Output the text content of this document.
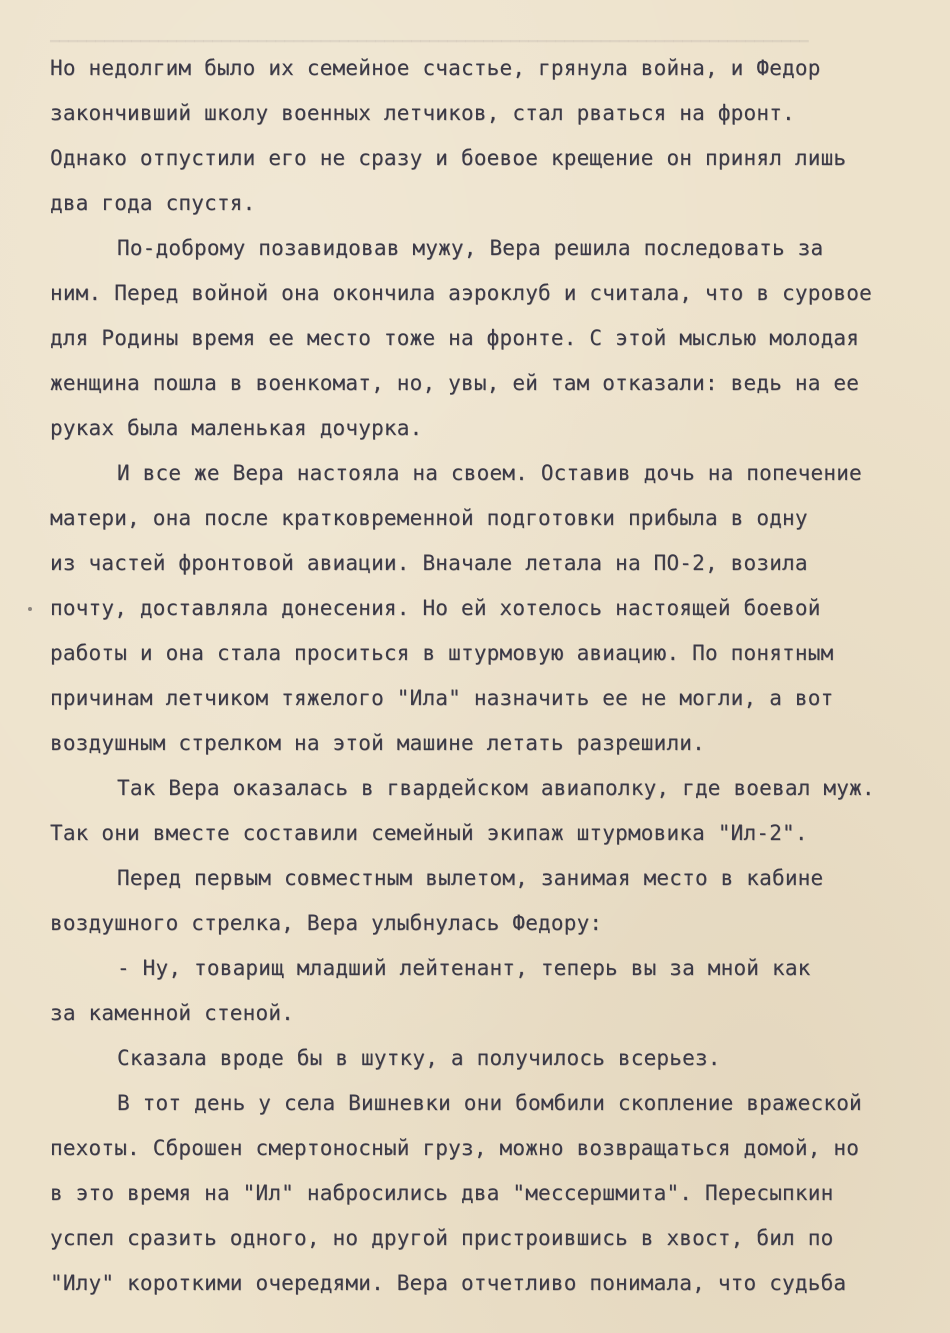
▔▔▔▔▔▔▔▔▔▔▔▔▔▔▔▔▔▔▔▔▔▔▔▔▔▔▔▔▔▔▔▔▔▔▔▔▔▔▔▔▔▔▔▔▔▔▔▔▔▔▔▔▔▔▔▔▔▔▔▔▔▔▔▔▔▔▔▔▔▔▔▔▔▔▔▔▔▔▔▔▔▔▔▔
Но недолгим было их семейное счастье, грянула война, и Федор
закончивший школу военных летчиков, стал рваться на фронт.
Однако отпустили его не сразу и боевое крещение он принял лишь
два года спустя.
По-доброму позавидовав мужу, Вера решила последовать за
ним. Перед войной она окончила аэроклуб и считала, что в суровое
для Родины время ее место тоже на фронте. С этой мыслью молодая
женщина пошла в военкомат, но, увы, ей там отказали: ведь на ее
руках была маленькая дочурка.
И все же Вера настояла на своем. Оставив дочь на попечение
матери, она после кратковременной подготовки прибыла в одну
из частей фронтовой авиации. Вначале летала на ПО-2, возила
почту, доставляла донесения. Но ей хотелось настоящей боевой
работы и она стала проситься в штурмовую авиацию. По понятным
причинам летчиком тяжелого "Ила" назначить ее не могли, а вот
воздушным стрелком на этой машине летать разрешили.
Так Вера оказалась в гвардейском авиаполку, где воевал муж.
Так они вместе составили семейный экипаж штурмовика "Ил-2".
Перед первым совместным вылетом, занимая место в кабине
воздушного стрелка, Вера улыбнулась Федору:
- Ну, товарищ младший лейтенант, теперь вы за мной как
за каменной стеной.
Сказала вроде бы в шутку, а получилось всерьез.
В тот день у села Вишневки они бомбили скопление вражеской
пехоты. Сброшен смертоносный груз, можно возвращаться домой, но
в это время на "Ил" набросились два "мессершмита". Пересыпкин
успел сразить одного, но другой пристроившись в хвост, бил по
"Илу" короткими очередями. Вера отчетливо понимала, что судьба
